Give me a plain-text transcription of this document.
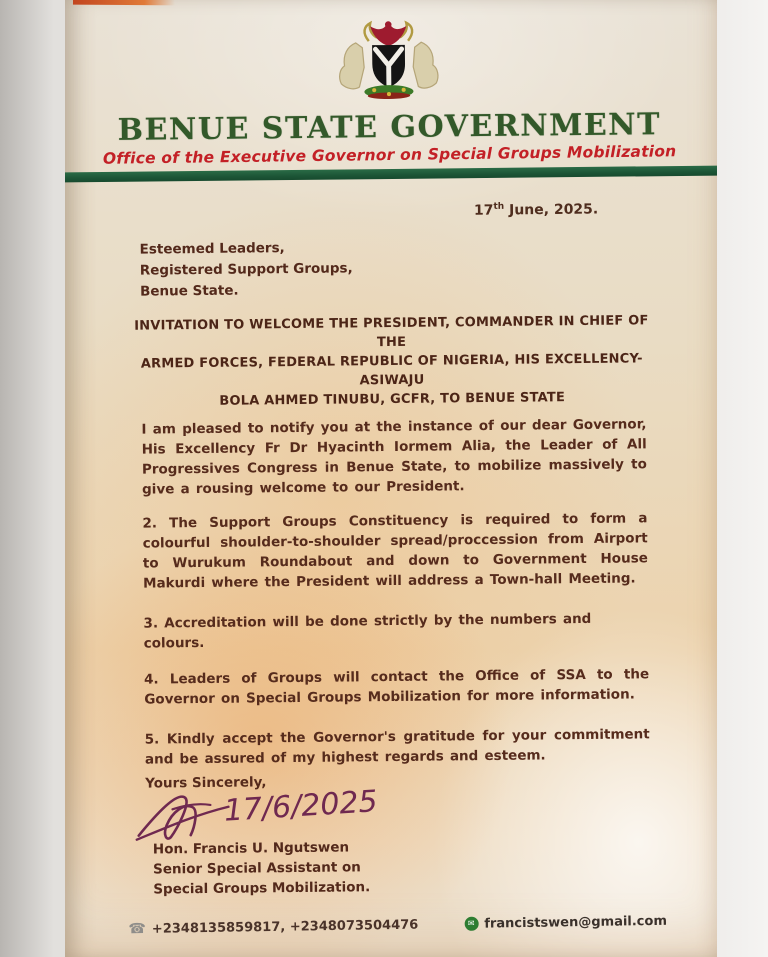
BENUE STATE GOVERNMENT
Office of the Executive Governor on Special Groups Mobilization
17th June, 2025.
Esteemed Leaders,
Registered Support Groups,
Benue State.
INVITATION TO WELCOME THE PRESIDENT, COMMANDER IN CHIEF OF THE
ARMED FORCES, FEDERAL REPUBLIC OF NIGERIA, HIS EXCELLENCY- ASIWAJU
BOLA AHMED TINUBU, GCFR, TO BENUE STATE
I am pleased to notify you at the instance of our dear Governor, His Excellency Fr Dr Hyacinth Iormem Alia, the Leader of All Progressives Congress in Benue State, to mobilize massively to give a rousing welcome to our President.
2. The Support Groups Constituency is required to form a colourful shoulder-to-shoulder spread/proccession from Airport to Wurukum Roundabout and down to Government House Makurdi where the President will address a Town-hall Meeting.
3. Accreditation will be done strictly by the numbers and colours.
4. Leaders of Groups will contact the Office of SSA to the Governor on Special Groups Mobilization for more information.
5. Kindly accept the Governor's gratitude for your commitment and be assured of my highest regards and esteem.
Yours Sincerely,
17/6/2025
Hon. Francis U. Ngutswen
Senior Special Assistant on
Special Groups Mobilization.
☎ +2348135859817, +2348073504476	✉ francistswen@gmail.com
